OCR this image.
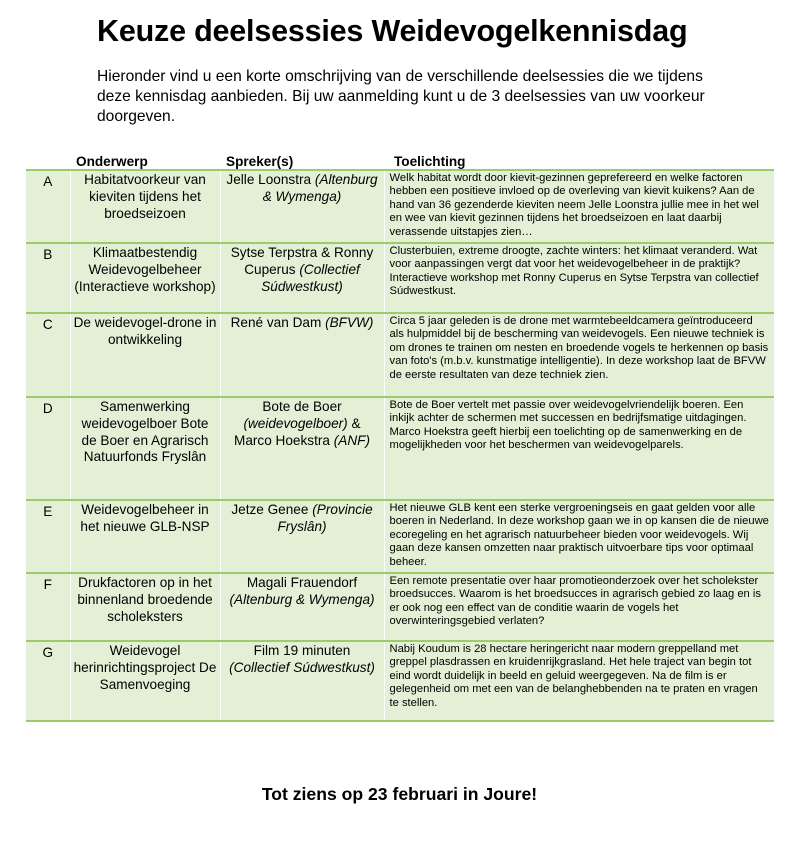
Keuze deelsessies Weidevogelkennisdag
Hieronder vind u een korte omschrijving van de verschillende deelsessies die we tijdens deze kennisdag aanbieden. Bij uw aanmelding kunt u de 3 deelsessies van uw voorkeur doorgeven.
	Onderwerp	Spreker(s)	Toelichting
A	Habitatvoorkeur van kieviten tijdens het broedseizoen	Jelle Loonstra (Altenburg & Wymenga)	Welk habitat wordt door kievit-gezinnen geprefereerd en welke factoren hebben een positieve invloed op de overleving van kievit kuikens? Aan de hand van 36 gezenderde kieviten neem Jelle Loonstra jullie mee in het wel en wee van kievit gezinnen tijdens het broedseizoen en laat daarbij verassende uitstapjes zien…
B	Klimaatbestendig Weidevogelbeheer (Interactieve workshop)	Sytse Terpstra & Ronny Cuperus (Collectief Súdwestkust)	Clusterbuien, extreme droogte, zachte winters: het klimaat veranderd. Wat voor aanpassingen vergt dat voor het weidevogelbeheer in de praktijk? Interactieve workshop met Ronny Cuperus en Sytse Terpstra van collectief Súdwestkust.
C	De weidevogel-drone in ontwikkeling	René van Dam (BFVW)	Circa 5 jaar geleden is de drone met warmtebeeldcamera geïntroduceerd als hulpmiddel bij de bescherming van weidevogels. Een nieuwe techniek is om drones te trainen om nesten en broedende vogels te herkennen op basis van foto's (m.b.v. kunstmatige intelligentie). In deze workshop laat de BFVW de eerste resultaten van deze techniek zien.
D	Samenwerking weidevogelboer Bote de Boer en Agrarisch Natuurfonds Fryslân	Bote de Boer (weidevogelboer) & Marco Hoekstra (ANF)	Bote de Boer vertelt met passie over weidevogelvriendelijk boeren. Een inkijk achter de schermen met successen en bedrijfsmatige uitdagingen. Marco Hoekstra geeft hierbij een toelichting op de samenwerking en de mogelijkheden voor het beschermen van weidevogelparels.
E	Weidevogelbeheer in het nieuwe GLB-NSP	Jetze Genee (Provincie Fryslân)	Het nieuwe GLB kent een sterke vergroeningseis en gaat gelden voor alle boeren in Nederland. In deze workshop gaan we in op kansen die de nieuwe ecoregeling en het agrarisch natuurbeheer bieden voor weidevogels. Wij gaan deze kansen omzetten naar praktisch uitvoerbare tips voor optimaal beheer.
F	Drukfactoren op in het binnenland broedende scholeksters	Magali Frauendorf (Altenburg & Wymenga)	Een remote presentatie over haar promotieonderzoek over het scholekster broedsucces. Waarom is het broedsucces in agrarisch gebied zo laag en is er ook nog een effect van de conditie waarin de vogels het overwinteringsgebied verlaten?
G	Weidevogel herinrichtingsproject De Samenvoeging	Film 19 minuten (Collectief Súdwestkust)	Nabij Koudum is 28 hectare heringericht naar modern greppelland met greppel plasdrassen en kruidenrijkgrasland. Het hele traject van begin tot eind wordt duidelijk in beeld en geluid weergegeven. Na de film is er gelegenheid om met een van de belanghebbenden na te praten en vragen te stellen.
Tot ziens op 23 februari in Joure!
